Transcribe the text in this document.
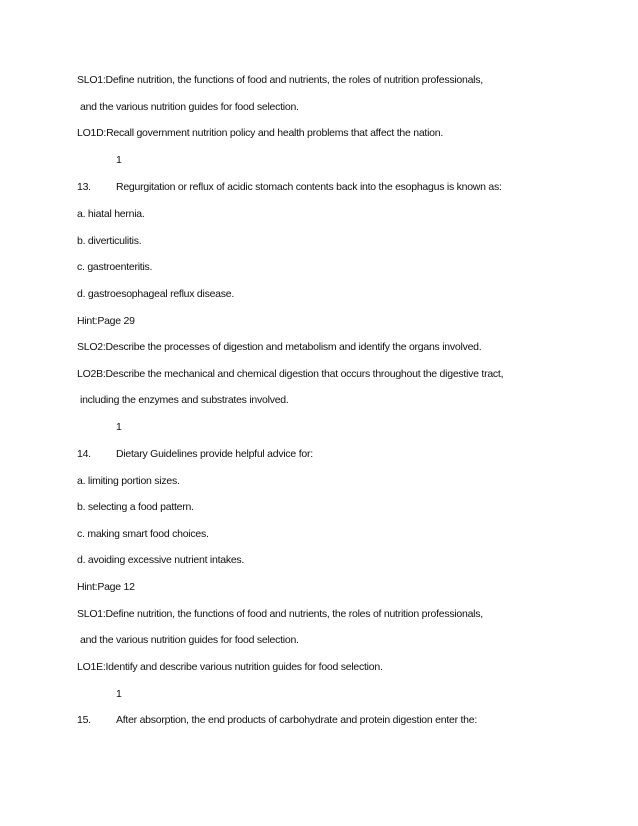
SLO1:Define nutrition, the functions of food and nutrients, the roles of nutrition professionals,
and the various nutrition guides for food selection.
LO1D:Recall government nutrition policy and health problems that affect the nation.
1
13. Regurgitation or reflux of acidic stomach contents back into the esophagus is known as:
a. hiatal hernia.
b. diverticulitis.
c. gastroenteritis.
d. gastroesophageal reflux disease.
Hint:Page 29
SLO2:Describe the processes of digestion and metabolism and identify the organs involved.
LO2B:Describe the mechanical and chemical digestion that occurs throughout the digestive tract,
including the enzymes and substrates involved.
1
14. Dietary Guidelines provide helpful advice for:
a. limiting portion sizes.
b. selecting a food pattern.
c. making smart food choices.
d. avoiding excessive nutrient intakes.
Hint:Page 12
SLO1:Define nutrition, the functions of food and nutrients, the roles of nutrition professionals,
and the various nutrition guides for food selection.
LO1E:Identify and describe various nutrition guides for food selection.
1
15. After absorption, the end products of carbohydrate and protein digestion enter the:
